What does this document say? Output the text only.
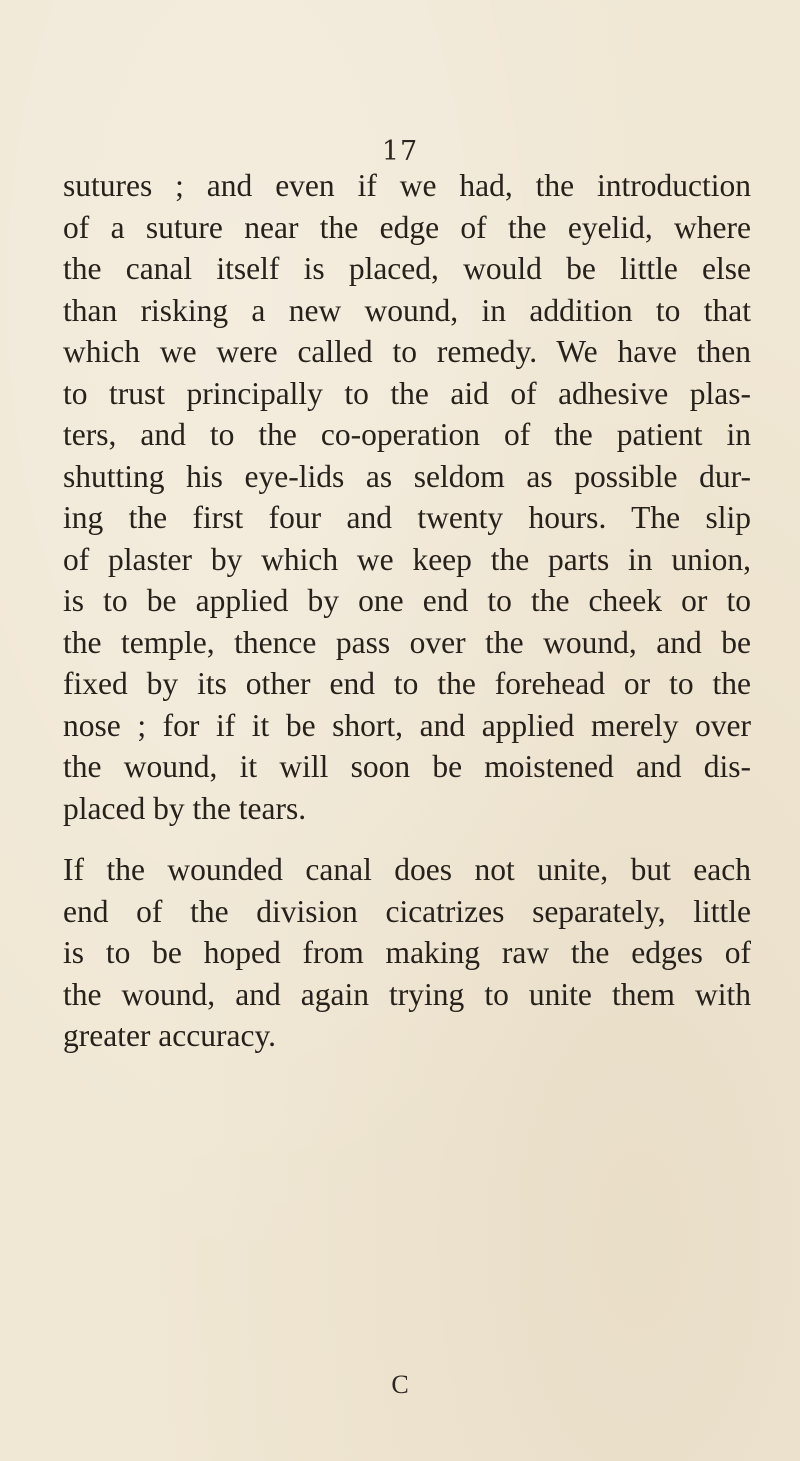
17
sutures ; and even if we had, the introduction
of a suture near the edge of the eyelid, where
the canal itself is placed, would be little else
than risking a new wound, in addition to that
which we were called to remedy. We have then
to trust principally to the aid of adhesive plas-
ters, and to the co-operation of the patient in
shutting his eye-lids as seldom as possible dur-
ing the first four and twenty hours. The slip
of plaster by which we keep the parts in union,
is to be applied by one end to the cheek or to
the temple, thence pass over the wound, and be
fixed by its other end to the forehead or to the
nose ; for if it be short, and applied merely over
the wound, it will soon be moistened and dis-
placed by the tears.
If the wounded canal does not unite, but each
end of the division cicatrizes separately, little
is to be hoped from making raw the edges of
the wound, and again trying to unite them with
greater accuracy.
C
